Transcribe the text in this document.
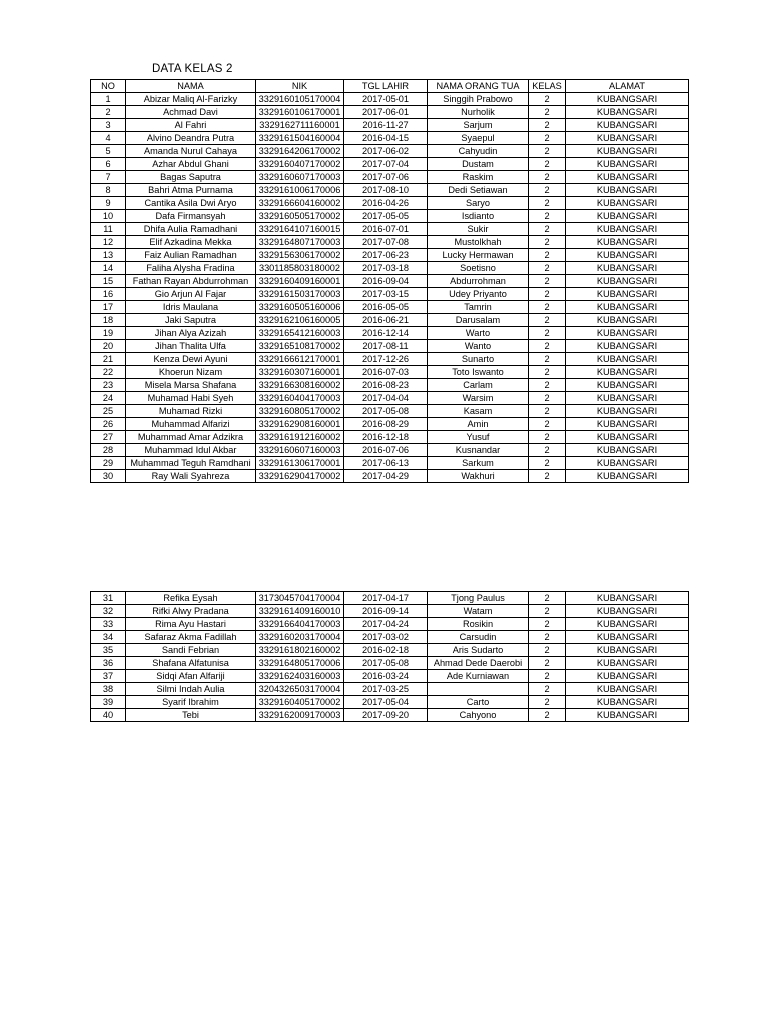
DATA KELAS 2
NO	NAMA	NIK	TGL LAHIR	NAMA ORANG TUA	KELAS	ALAMAT
1	Abizar Maliq Al-Farizky	3329160105170004	2017-05-01	Singgih Prabowo	2	KUBANGSARI
2	Achmad Davi	3329160106170001	2017-06-01	Nurholik	2	KUBANGSARI
3	Al Fahri	3329162711160001	2016-11-27	Sarjum	2	KUBANGSARI
4	Alvino Deandra Putra	3329161504160004	2016-04-15	Syaepul	2	KUBANGSARI
5	Amanda Nurul Cahaya	3329164206170002	2017-06-02	Cahyudin	2	KUBANGSARI
6	Azhar Abdul Ghani	3329160407170002	2017-07-04	Dustam	2	KUBANGSARI
7	Bagas Saputra	3329160607170003	2017-07-06	Raskim	2	KUBANGSARI
8	Bahri Atma Purnama	3329161006170006	2017-08-10	Dedi Setiawan	2	KUBANGSARI
9	Cantika Asila Dwi Aryo	3329166604160002	2016-04-26	Saryo	2	KUBANGSARI
10	Dafa Firmansyah	3329160505170002	2017-05-05	Isdianto	2	KUBANGSARI
11	Dhifa Aulia Ramadhani	3329164107160015	2016-07-01	Sukir	2	KUBANGSARI
12	Elif Azkadina Mekka	3329164807170003	2017-07-08	Mustolkhah	2	KUBANGSARI
13	Faiz Aulian Ramadhan	3329156306170002	2017-06-23	Lucky Hermawan	2	KUBANGSARI
14	Faliha Alysha Fradina	3301185803180002	2017-03-18	Soetisno	2	KUBANGSARI
15	Fathan Rayan Abdurrohman	3329160409160001	2016-09-04	Abdurrohman	2	KUBANGSARI
16	Gio Arjun Al Fajar	3329161503170003	2017-03-15	Udey Priyanto	2	KUBANGSARI
17	Idris Maulana	3329160505160006	2016-05-05	Tamrin	2	KUBANGSARI
18	Jaki Saputra	3329162106160005	2016-06-21	Darusalam	2	KUBANGSARI
19	Jihan Alya Azizah	3329165412160003	2016-12-14	Warto	2	KUBANGSARI
20	Jihan Thalita Ulfa	3329165108170002	2017-08-11	Wanto	2	KUBANGSARI
21	Kenza Dewi Ayuni	3329166612170001	2017-12-26	Sunarto	2	KUBANGSARI
22	Khoerun Nizam	3329160307160001	2016-07-03	Toto Iswanto	2	KUBANGSARI
23	Misela Marsa Shafana	3329166308160002	2016-08-23	Carlam	2	KUBANGSARI
24	Muhamad Habi Syeh	3329160404170003	2017-04-04	Warsim	2	KUBANGSARI
25	Muhamad Rizki	3329160805170002	2017-05-08	Kasam	2	KUBANGSARI
26	Muhammad Alfarizi	3329162908160001	2016-08-29	Amin	2	KUBANGSARI
27	Muhammad Amar Adzikra	3329161912160002	2016-12-18	Yusuf	2	KUBANGSARI
28	Muhammad Idul Akbar	3329160607160003	2016-07-06	Kusnandar	2	KUBANGSARI
29	Muhammad Teguh Ramdhani	3329161306170001	2017-06-13	Sarkum	2	KUBANGSARI
30	Ray Wali Syahreza	3329162904170002	2017-04-29	Wakhuri	2	KUBANGSARI
31	Refika Eysah	3173045704170004	2017-04-17	Tjong Paulus	2	KUBANGSARI
32	Rifki Alwy Pradana	3329161409160010	2016-09-14	Watam	2	KUBANGSARI
33	Rima Ayu Hastari	3329166404170003	2017-04-24	Rosikin	2	KUBANGSARI
34	Safaraz Akma Fadillah	3329160203170004	2017-03-02	Carsudin	2	KUBANGSARI
35	Sandi Febrian	3329161802160002	2016-02-18	Aris Sudarto	2	KUBANGSARI
36	Shafana Alfatunisa	3329164805170006	2017-05-08	Ahmad Dede Daerobi	2	KUBANGSARI
37	Sidqi Afan Alfariji	3329162403160003	2016-03-24	Ade Kurniawan	2	KUBANGSARI
38	Silmi Indah Aulia	3204326503170004	2017-03-25		2	KUBANGSARI
39	Syarif Ibrahim	3329160405170002	2017-05-04	Carto	2	KUBANGSARI
40	Tebi	3329162009170003	2017-09-20	Cahyono	2	KUBANGSARI
